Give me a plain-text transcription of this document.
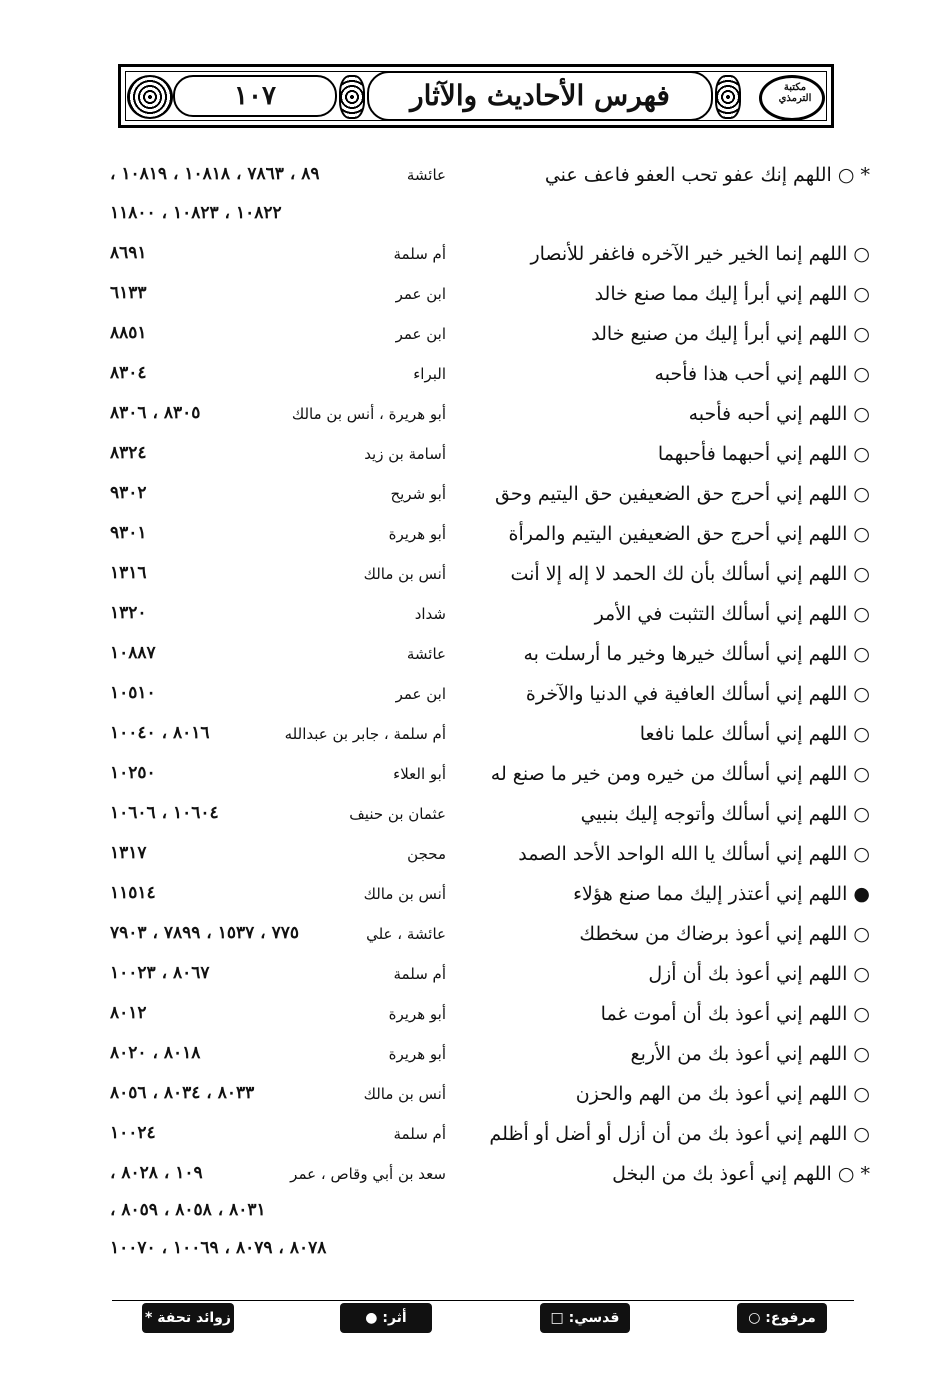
مكتبة الترمذي
١٠٧	فهرس الأحاديث والآثار
* ○ اللهم إنك عفو تحب العفو فاعف عني
عائشة
٨٩ ، ٧٨٦٣ ، ١٠٨١٨ ، ١٠٨١٩ ،
١٠٨٢٢ ، ١٠٨٢٣ ، ١١٨٠٠
○ اللهم إنما الخير خير الآخره فاغفر للأنصار
أم سلمة
٨٦٩١
○ اللهم إني أبرأ إليك مما صنع خالد
ابن عمر
٦١٣٣
○ اللهم إني أبرأ إليك من صنيع خالد
ابن عمر
٨٨٥١
○ اللهم إني أحب هذا فأحبه
البراء
٨٣٠٤
○ اللهم إني أحبه فأحبه
أبو هريرة ، أنس بن مالك
٨٣٠٥ ، ٨٣٠٦
○ اللهم إني أحبهما فأحبهما
أسامة بن زيد
٨٣٢٤
○ اللهم إني أحرج حق الضعيفين حق اليتيم وحق
أبو شريح
٩٣٠٢
○ اللهم إني أحرج حق الضعيفين اليتيم والمرأة
أبو هريرة
٩٣٠١
○ اللهم إني أسألك بأن لك الحمد لا إله إلا أنت
أنس بن مالك
١٣١٦
○ اللهم إني أسألك التثبت في الأمر
شداد
١٣٢٠
○ اللهم إني أسألك خيرها وخير ما أرسلت به
عائشة
١٠٨٨٧
○ اللهم إني أسألك العافية في الدنيا والآخرة
ابن عمر
١٠٥١٠
○ اللهم إني أسألك علما نافعا
أم سلمة ، جابر بن عبدالله
٨٠١٦ ، ١٠٠٤٠
○ اللهم إني أسألك من خيره ومن خير ما صنع له
أبو العلاء
١٠٢٥٠
○ اللهم إني أسألك وأتوجه إليك بنبيي
عثمان بن حنيف
١٠٦٠٤ ، ١٠٦٠٦
○ اللهم إني أسألك يا الله الواحد الأحد الصمد
محجن
١٣١٧
● اللهم إني أعتذر إليك مما صنع هؤلاء
أنس بن مالك
١١٥١٤
○ اللهم إني أعوذ برضاك من سخطك
عائشة ، علي
٧٧٥ ، ١٥٣٧ ، ٧٨٩٩ ، ٧٩٠٣
○ اللهم إني أعوذ بك أن أزل
أم سلمة
٨٠٦٧ ، ١٠٠٢٣
○ اللهم إني أعوذ بك أن أموت غما
أبو هريرة
٨٠١٢
○ اللهم إني أعوذ بك من الأربع
أبو هريرة
٨٠١٨ ، ٨٠٢٠
○ اللهم إني أعوذ بك من الهم والحزن
أنس بن مالك
٨٠٣٣ ، ٨٠٣٤ ، ٨٠٥٦
○ اللهم إني أعوذ بك من أن أزل أو أضل أو أظلم
أم سلمة
١٠٠٢٤
* ○ اللهم إني أعوذ بك من البخل
سعد بن أبي وقاص ، عمر
١٠٩ ، ٨٠٢٨ ،
٨٠٣١ ، ٨٠٥٨ ، ٨٠٥٩ ،
٨٠٧٨ ، ٨٠٧٩ ، ١٠٠٦٩ ، ١٠٠٧٠
مرفوع: ○
قدسي: □
أثر: ●
زوائد تحفة *
